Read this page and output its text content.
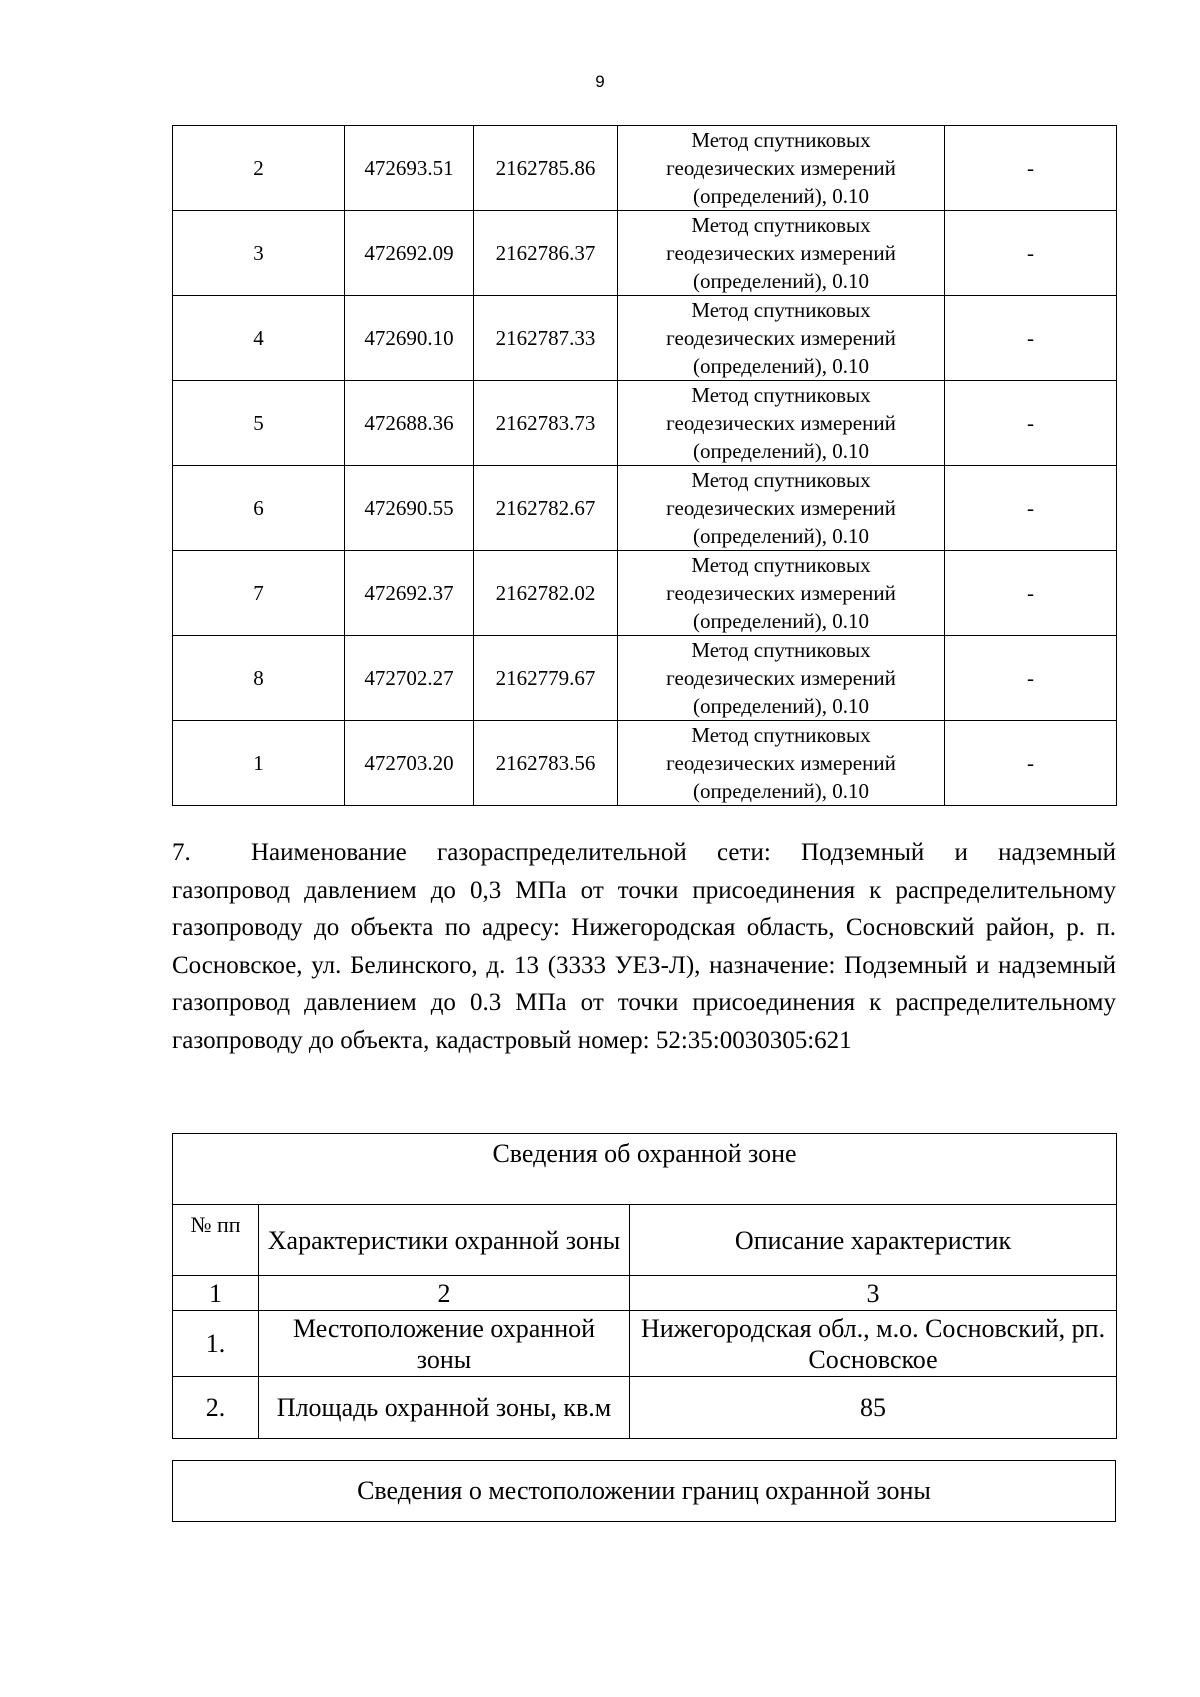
9
2	472693.51	2162785.86	Метод спутниковых
геодезических измерений
(определений), 0.10	-
3	472692.09	2162786.37	Метод спутниковых
геодезических измерений
(определений), 0.10	-
4	472690.10	2162787.33	Метод спутниковых
геодезических измерений
(определений), 0.10	-
5	472688.36	2162783.73	Метод спутниковых
геодезических измерений
(определений), 0.10	-
6	472690.55	2162782.67	Метод спутниковых
геодезических измерений
(определений), 0.10	-
7	472692.37	2162782.02	Метод спутниковых
геодезических измерений
(определений), 0.10	-
8	472702.27	2162779.67	Метод спутниковых
геодезических измерений
(определений), 0.10	-
1	472703.20	2162783.56	Метод спутниковых
геодезических измерений
(определений), 0.10	-
7. Наименование газораспределительной сети: Подземный и надземный газопровод давлением до 0,3 МПа от точки присоединения к распределительному газопроводу до объекта по адресу: Нижегородская область, Сосновский район, р. п. Сосновское, ул. Белинского, д. 13 (3333 УЕЗ-Л), назначение: Подземный и надземный газопровод давлением до 0.3 МПа от точки присоединения к распределительному газопроводу до объекта, кадастровый номер: 52:35:0030305:621
Сведения об охранной зоне		
№ пп	Характеристики охранной зоны	Описание характеристик
1	2	3
1.	Местоположение охранной зоны	Нижегородская обл., м.о. Сосновский, рп. Сосновское
2.	Площадь охранной зоны, кв.м	85
Сведения о местоположении границ охранной зоны
